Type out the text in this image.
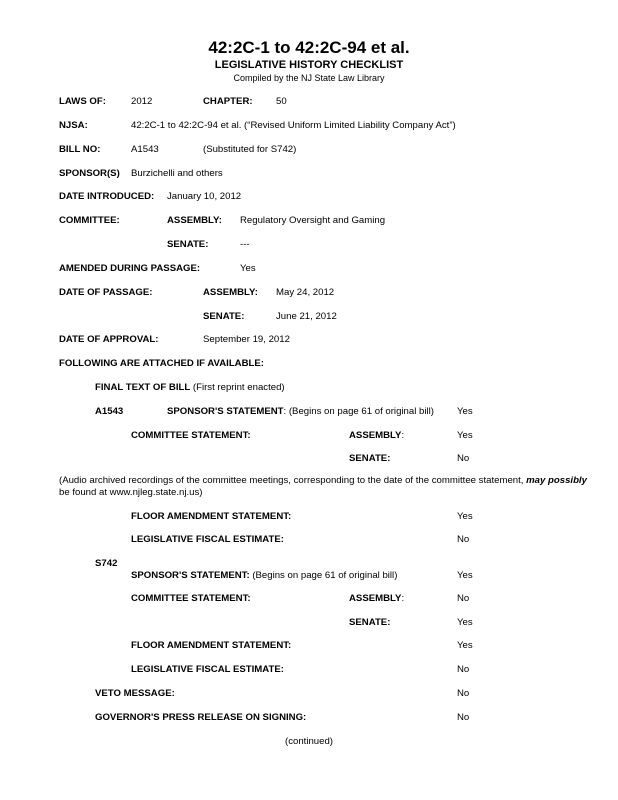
42:2C-1 to 42:2C-94 et al.
LEGISLATIVE HISTORY CHECKLIST
Compiled by the NJ State Law Library
LAWS OF:	2012	CHAPTER: 50
NJSA:	42:2C-1 to 42:2C-94 et al. (“Revised Uniform Limited Liability Company Act”)
BILL NO:	A1543	(Substituted for S742)
SPONSOR(S) Burzichelli and others
DATE INTRODUCED: January 10, 2012
COMMITTEE:	ASSEMBLY: Regulatory Oversight and Gaming
SENATE:	---
AMENDED DURING PASSAGE:	Yes
DATE OF PASSAGE:	ASSEMBLY: May 24, 2012
SENATE:	June 21, 2012
DATE OF APPROVAL:	September 19, 2012
FOLLOWING ARE ATTACHED IF AVAILABLE:
FINAL TEXT OF BILL (First reprint enacted)
A1543	SPONSOR'S STATEMENT: (Begins on page 61 of original bill) Yes
COMMITTEE STATEMENT:	ASSEMBLY:	Yes
SENATE:	No
(Audio archived recordings of the committee meetings, corresponding to the date of the committee statement, may possibly be found at www.njleg.state.nj.us)
FLOOR AMENDMENT STATEMENT:	Yes
LEGISLATIVE FISCAL ESTIMATE:	No
S742
SPONSOR'S STATEMENT: (Begins on page 61 of original bill)	Yes
COMMITTEE STATEMENT:	ASSEMBLY:	No
SENATE:	Yes
FLOOR AMENDMENT STATEMENT:	Yes
LEGISLATIVE FISCAL ESTIMATE:	No
VETO MESSAGE:	No
GOVERNOR'S PRESS RELEASE ON SIGNING:	No
(continued)
